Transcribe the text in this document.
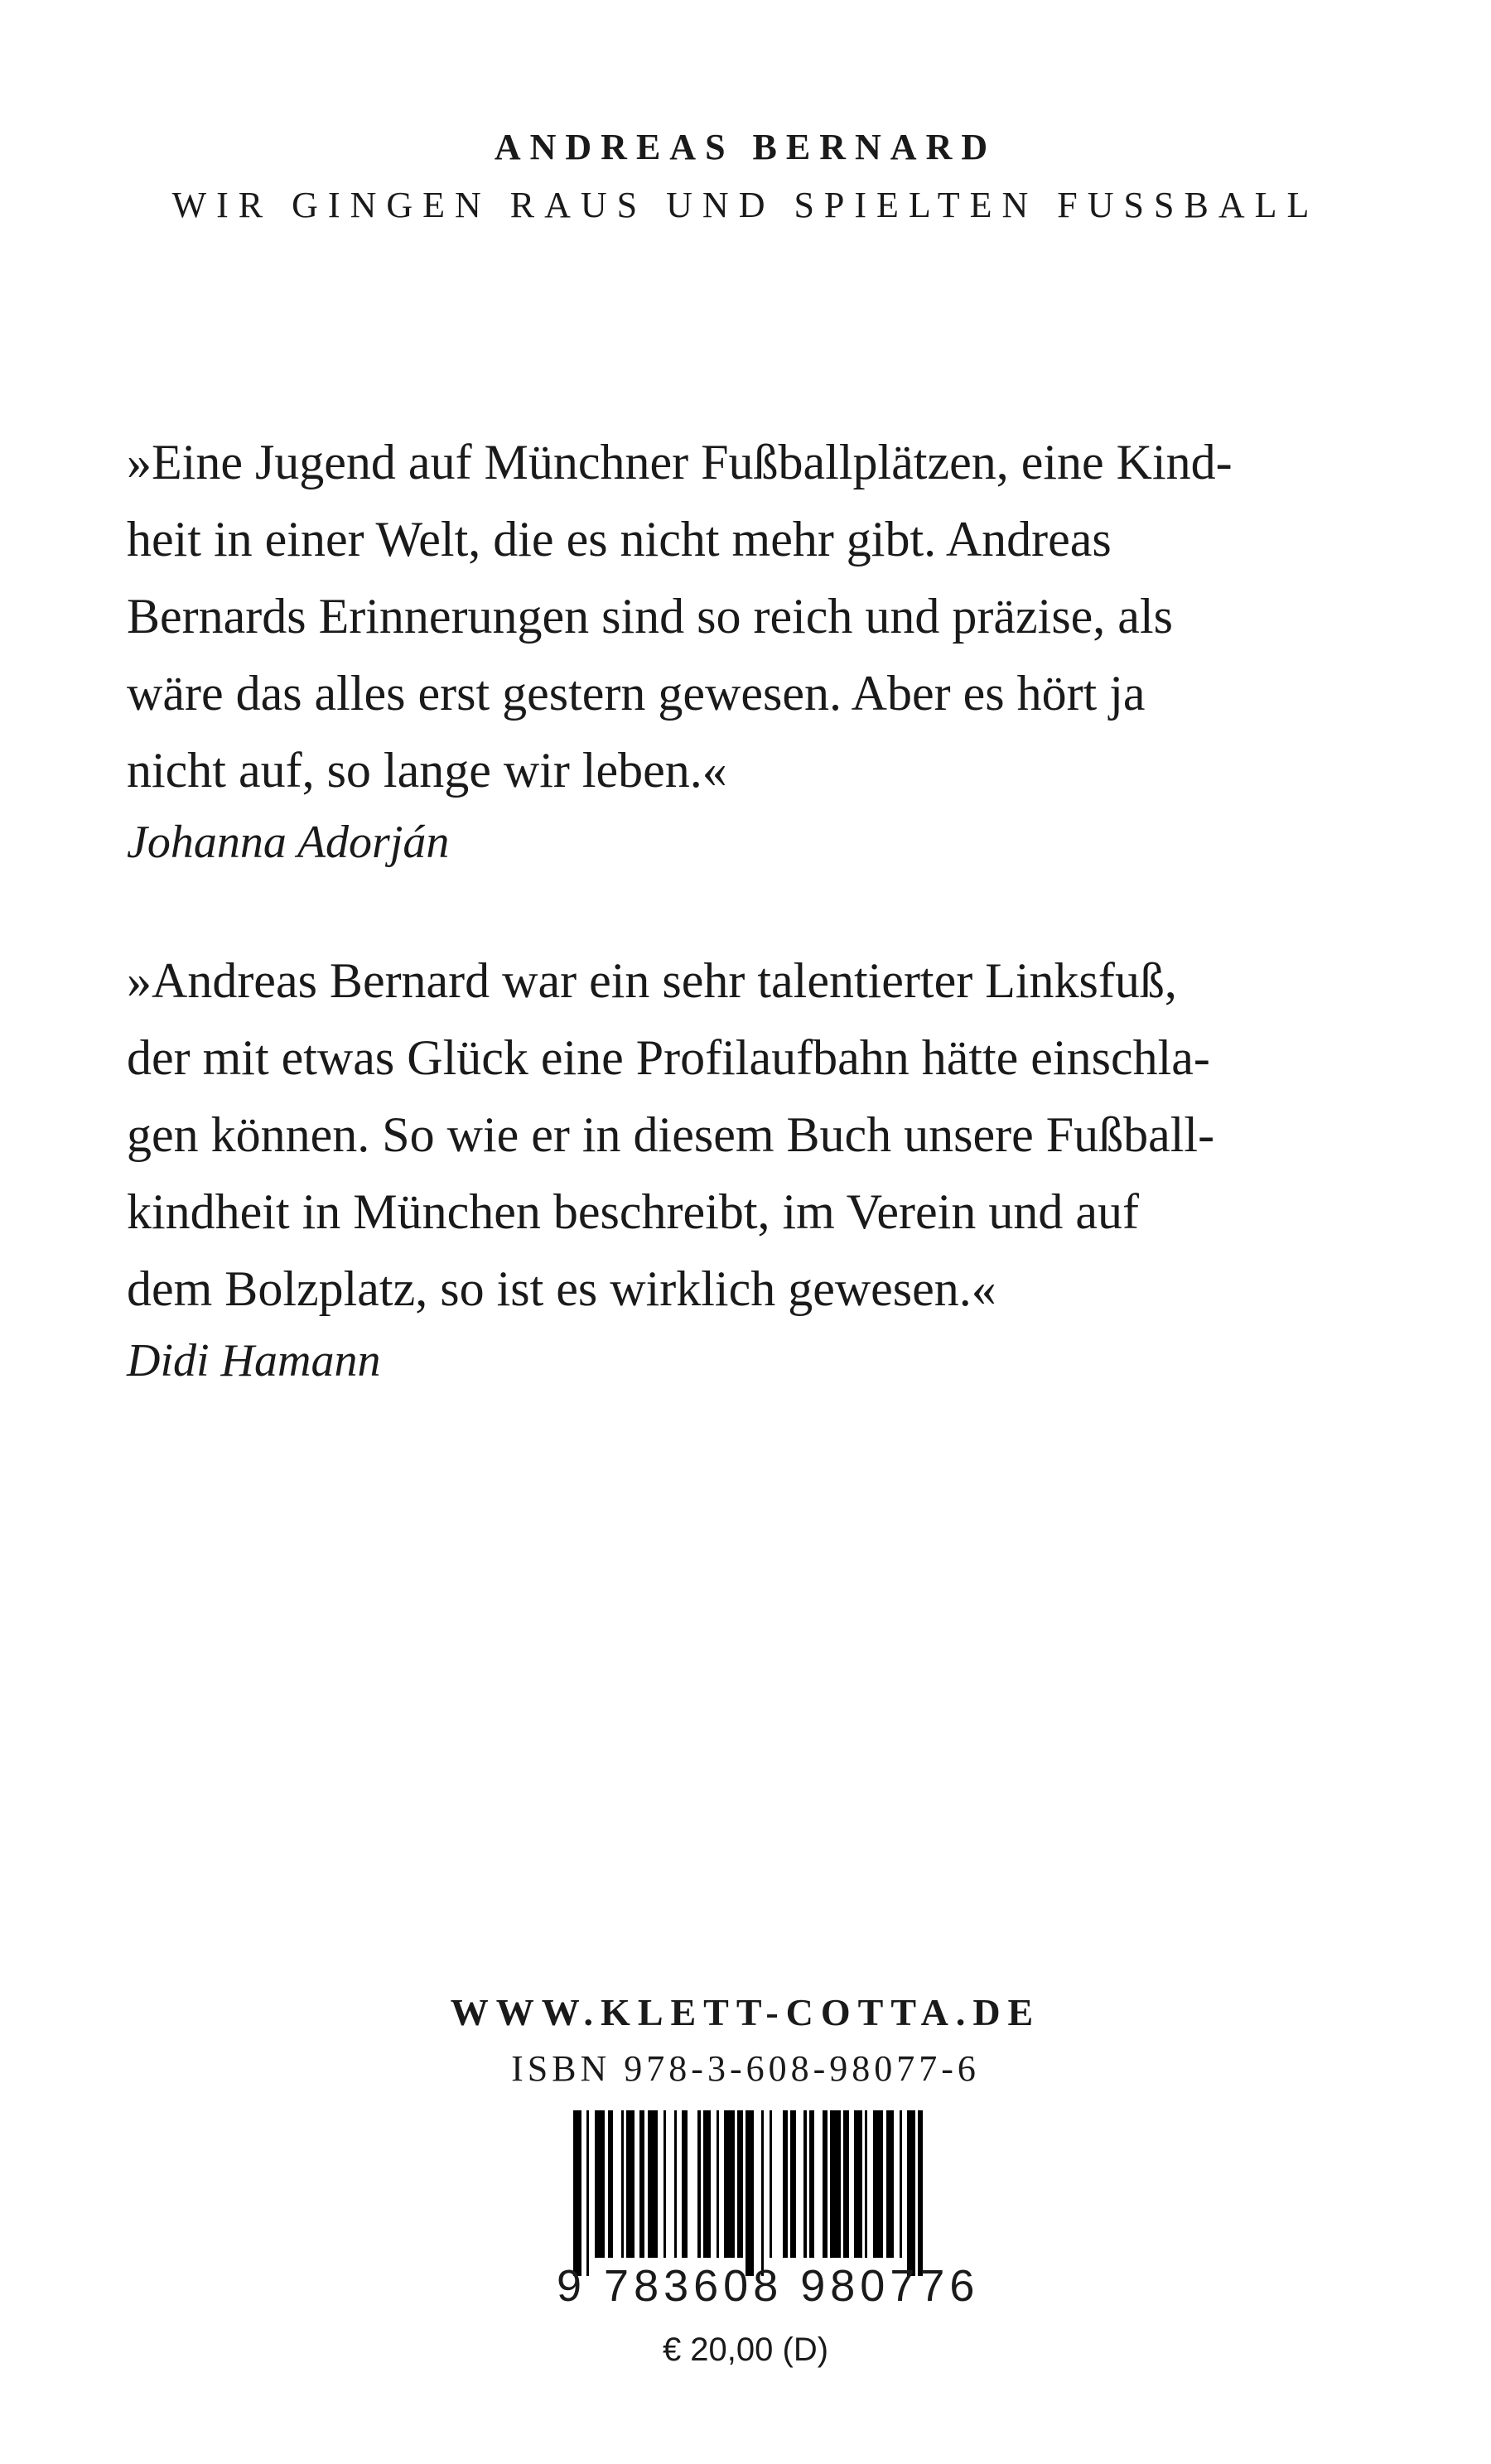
ANDREAS BERNARD

WIR GINGEN RAUS UND SPIELTEN FUSSBALL

»Eine Jugend auf Münchner Fußballplätzen, eine Kind-

heit in einer Welt, die es nicht mehr gibt. Andreas

Bernards Erinnerungen sind so reich und präzise, als

wäre das alles erst gestern gewesen. Aber es hört ja

nicht auf, so lange wir leben.«

Johanna Adorján

»Andreas Bernard war ein sehr talentierter Linksfuß,

der mit etwas Glück eine Profilaufbahn hätte einschla-

gen können. So wie er in diesem Buch unsere Fußball-

kindheit in München beschreibt, im Verein und auf

dem Bolzplatz, so ist es wirklich gewesen.«

Didi Hamann

WWW.KLETT-COTTA.DE

ISBN 978-3-608-98077-6

9 783608 980776
€ 20,00 (D)
